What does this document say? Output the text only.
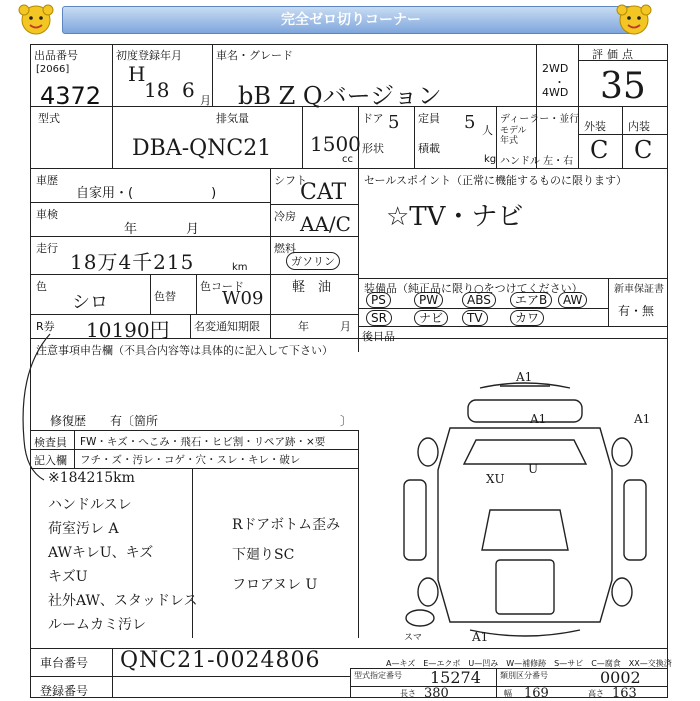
完全ゼロ切りコーナー
出品番号
[2066]
4372
初度登録年月
H
18 6 月
車名・グレード
bB Z Qバージョン
2WD
・
4WD
評価点
35
型式
DBA-QNC21
排気量
1500
cc
ドア 5 定員 5 人
形状	積載
kg
ディーラー・並行
モデル
年式
ハンドル 左・右
外装 内装
C C
車歴
自家用・(　　　　　　)
車検
年	月
走行
18万4千215	km
色
シロ	色替
色コード
W09
シフト
CAT
冷房 AA/C
燃料
ガソリン
軽　油
R券 10190円 名変通知期限	年	月
セールスポイント（正常に機能するものに限ります）
☆TV・ナビ
装備品（純正品に限り○をつけてください）	新車保証書
有・無
PS	PW	ABS	エアB	AW
SR	ナビ	TV	カワ
後日品
注意事項申告欄（不具合内容等は具体的に記入して下さい）
修復歴　　有〔箇所	〕
検査員
記入欄
FW・キズ・へこみ・飛石・ヒビ割・リペア跡・×要
フチ・ズ・汚レ・コゲ・穴・スレ・キレ・破レ
※184215km
ハンドルスレ
荷室汚レ A
AWキレU、キズ
キズU
社外AW、スタッドレス
ルームカミ汚レ
Rドアボトム歪み
下廻りSC
フロアヌレ U
A1
A1	A1
XU
U
A1
スマ
A—キズ　E—エクボ　U—凹み　W—補修跡　S—サビ　C—腐食　XX—交換済
車台番号 QNC21-0024806
登録番号
型式指定番号 15274 類別区分番号	0002
長さ 380	幅 169	高さ 163
